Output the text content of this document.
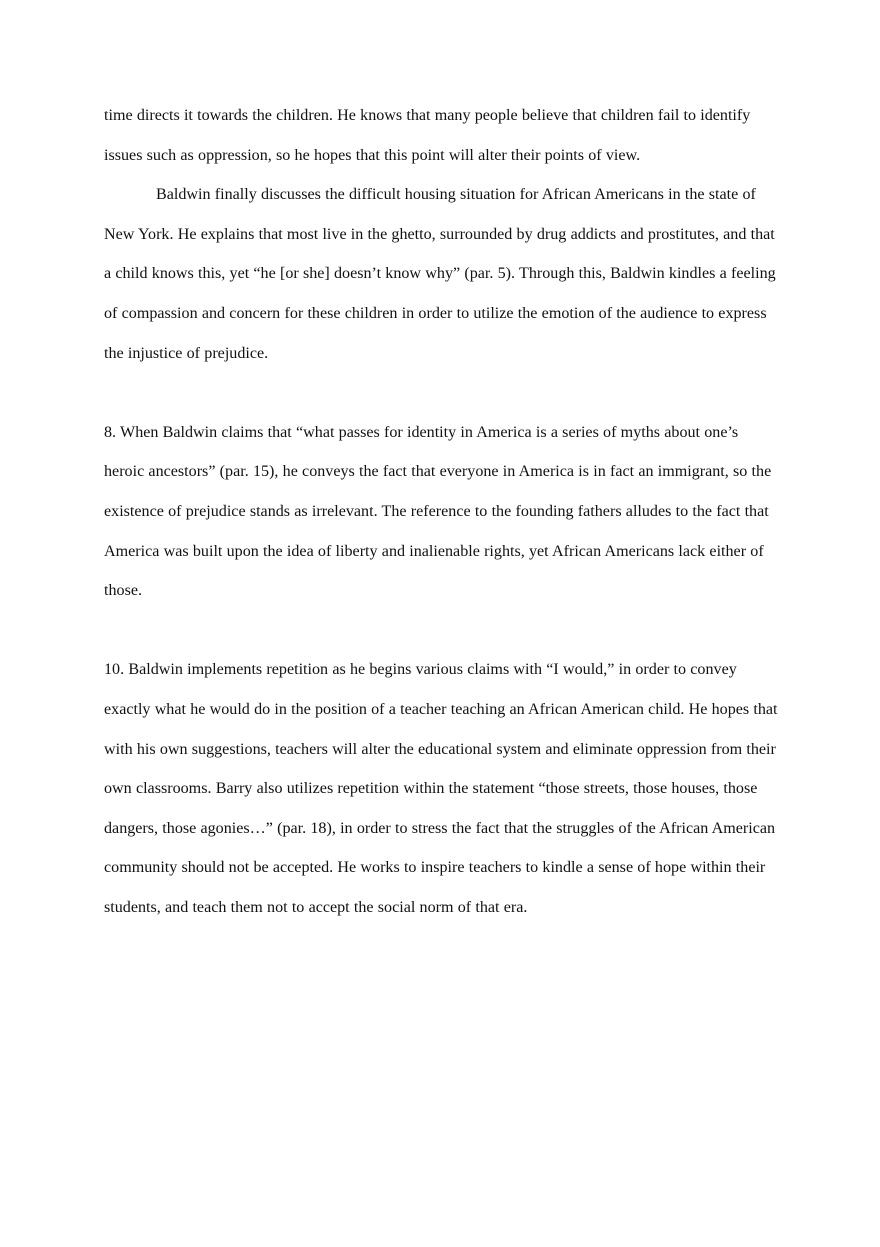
time directs it towards the children. He knows that many people believe that children fail to identify issues such as oppression, so he hopes that this point will alter their points of view.

Baldwin finally discusses the difficult housing situation for African Americans in the state of New York. He explains that most live in the ghetto, surrounded by drug addicts and prostitutes, and that a child knows this, yet “he [or she] doesn’t know why” (par. 5). Through this, Baldwin kindles a feeling of compassion and concern for these children in order to utilize the emotion of the audience to express the injustice of prejudice.

8. When Baldwin claims that “what passes for identity in America is a series of myths about one’s heroic ancestors” (par. 15), he conveys the fact that everyone in America is in fact an immigrant, so the existence of prejudice stands as irrelevant. The reference to the founding fathers alludes to the fact that America was built upon the idea of liberty and inalienable rights, yet African Americans lack either of those.

10. Baldwin implements repetition as he begins various claims with “I would,” in order to convey exactly what he would do in the position of a teacher teaching an African American child. He hopes that with his own suggestions, teachers will alter the educational system and eliminate oppression from their own classrooms. Barry also utilizes repetition within the statement “those streets, those houses, those dangers, those agonies…” (par. 18), in order to stress the fact that the struggles of the African American community should not be accepted. He works to inspire teachers to kindle a sense of hope within their students, and teach them not to accept the social norm of that era.
